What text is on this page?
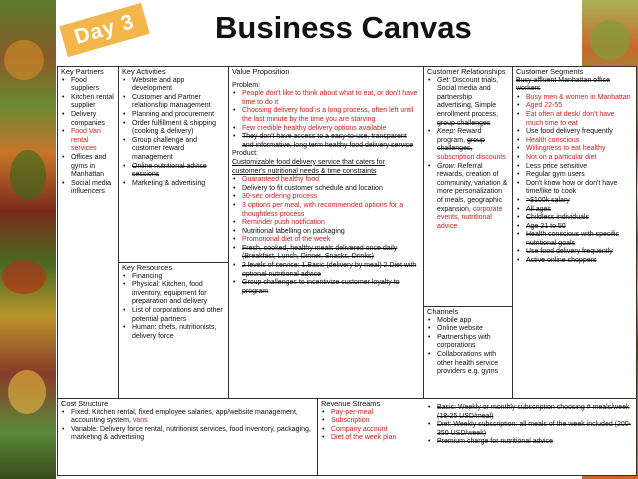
Day 3	Business Canvas
Key Partners
• Food suppliers
• Kitchen rental supplier
• Delivery companies
• Food Van rental services
• Offices and gyms in Manhattan
• Social media influencers
Key Activities
• Website and app development
• Customer and Partner relationship management
• Planning and procurement
• Order fulfillment & shipping (cooking & delivery)
• Group challenge and customer reward management
• Online nutritional advise sessions
• Marketing & advertising
Key Resources
• Financing
• Physical: Kitchen, food inventory, equipment for preparation and delivery
• List of corporations and other potential partners
• Human: chefs, nutritionists, delivery force
Value Proposition
Problem:
• People don't like to think about what to eat, or don't have time to do it
• Choosing delivery food is a long process, often left until the last minute by the time you are starving
• Few credible healthy delivery options available
• They don't have access to a easy-to-use, transparent and informative, long term healthy food delivery service
Product:
Customizable food delivery service that caters for customer's nutritional needs & time constraints
• Guaranteed healthy food
• Delivery to fit customer schedule and location
• 30-sec ordering process
• 3 options per meal, with recommended options for a thoughtless process
• Reminder push notification
• Nutritional labelling on packaging
• Promotional diet of the week
• Fresh, cooked, healthy meals delivered once daily (Breakfast, Lunch, Dinner, Snacks, Drinks)
• 2 levels of service: 1.Basic (delivery by meal) 2.Diet with optional nutritional advice
• Group challenges to incentivize customer loyalty to program
Customer Relationships
• Get: Discount trials, Social media and partnership advertising, Simple enrollment process, group challenges
• Keep: Reward program, group challenges, subscription discounts
• Grow: Referral rewards, creation of community, variation & more personalization of meals, geographic expansion, corporate events, nutritional advice
Channels
• Mobile app
• Online website
• Partnerships with corporations
• Collaborations with other health service providers e.g. gyms
Customer Segments
Busy affluent Manhattan office workers
• Busy men & women in Manhattan
• Aged 22-55
• Eat often at desk/ don't have much time to eat
• Use food delivery frequently
• Health conscious
• Willingness to eat healthy
• Not on a particular diet
• Less price sensitive
• Regular gym users
• Don't know how or don't have time/like to cook
• >$100k salary
• All ages
• Childless individuals
• Age 21 to 50
• Health conscious with specific nutritional goals
• Use food delivery frequently
• Active online shoppers
Cost Structure
• Fixed: Kitchen rental, fixed employee salaries, app/website management, accounting system, vans
• Variable: Delivery force rental, nutritionist services, food inventory, packaging, marketing & advertising
Revenue Streams
• Pay-per-meal
• Subscription
• Company account
• Diet of the week plan
• Basic: Weekly or monthly subscription choosing # meals/week (18-25 USD/meal)
• Diet: Weekly subscription: all meals of the week included (200-350 USD/week)
• Premium charge for nutritional advice
